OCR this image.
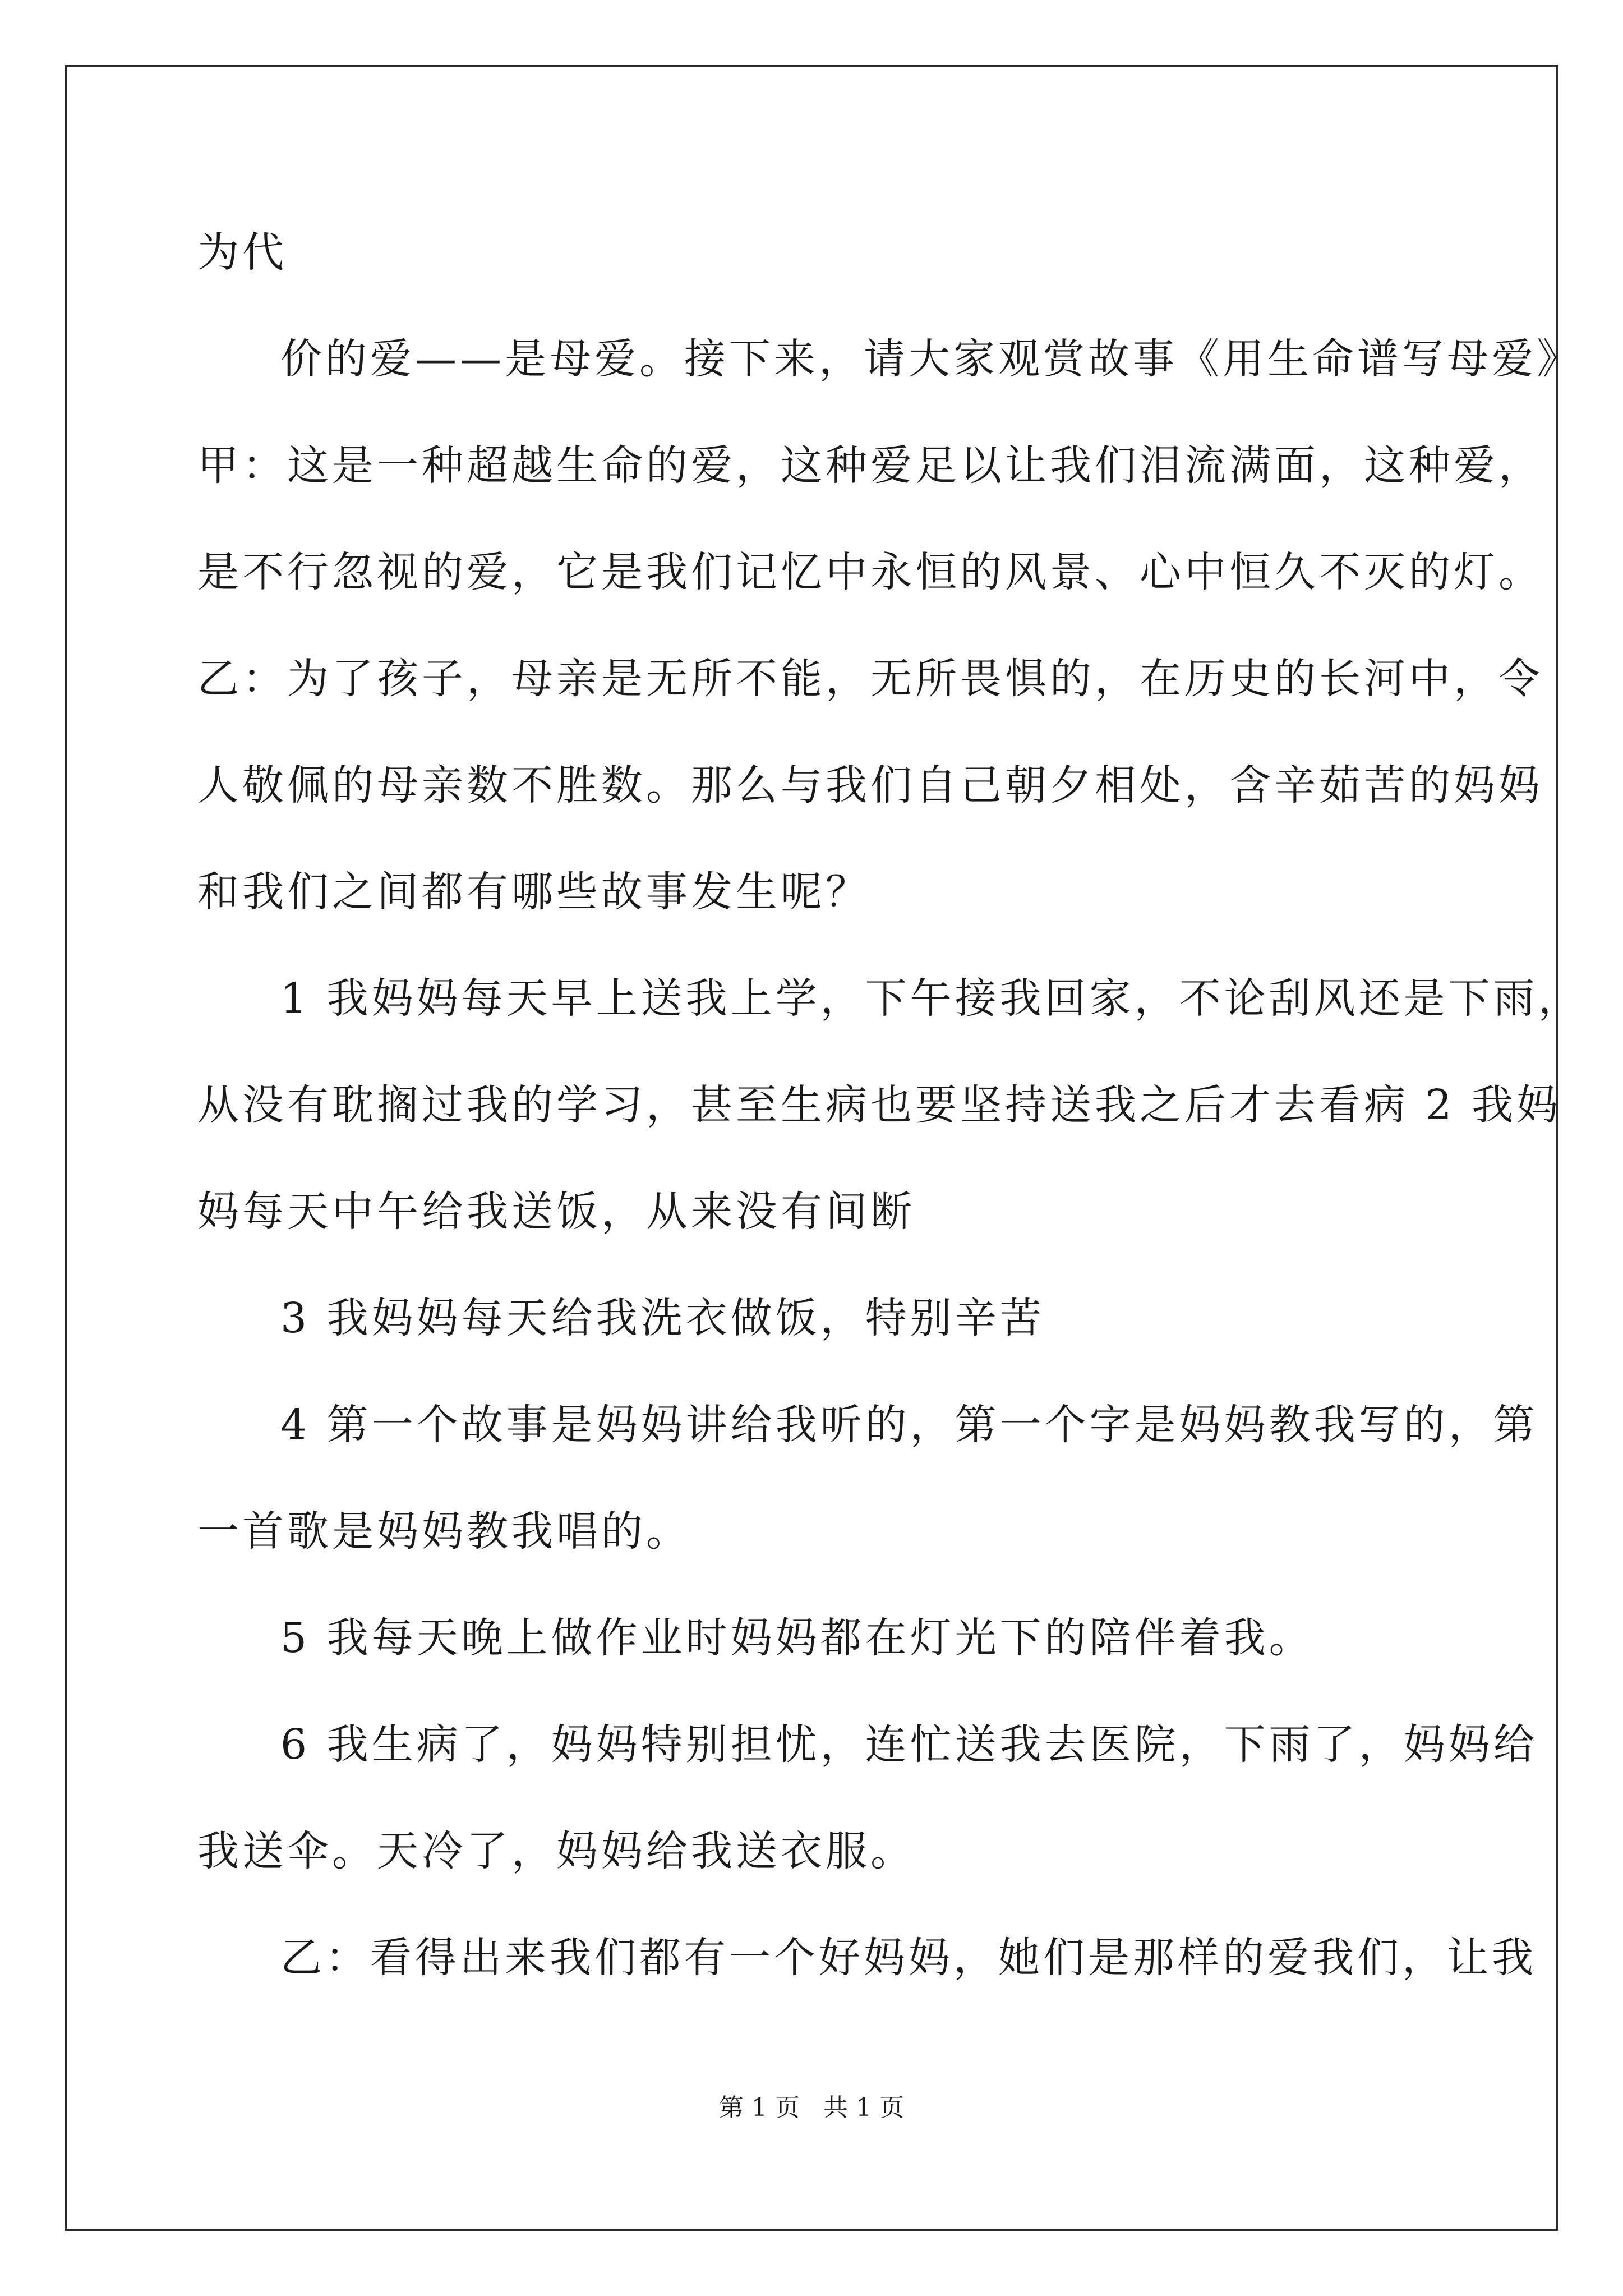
为代
价的爱——是母爱。接下来，请大家观赏故事《用生命谱写母爱》
甲：这是一种超越生命的爱，这种爱足以让我们泪流满面，这种爱，
是不行忽视的爱，它是我们记忆中永恒的风景、心中恒久不灭的灯。
乙：为了孩子，母亲是无所不能，无所畏惧的，在历史的长河中，令
人敬佩的母亲数不胜数。那么与我们自己朝夕相处，含辛茹苦的妈妈
和我们之间都有哪些故事发生呢？
1 我妈妈每天早上送我上学，下午接我回家，不论刮风还是下雨，
从没有耽搁过我的学习，甚至生病也要坚持送我之后才去看病 2 我妈
妈每天中午给我送饭，从来没有间断
3 我妈妈每天给我洗衣做饭，特别辛苦
4 第一个故事是妈妈讲给我听的，第一个字是妈妈教我写的，第
一首歌是妈妈教我唱的。
5 我每天晚上做作业时妈妈都在灯光下的陪伴着我。
6 我生病了，妈妈特别担忧，连忙送我去医院，下雨了，妈妈给
我送伞。天冷了，妈妈给我送衣服。
乙：看得出来我们都有一个好妈妈，她们是那样的爱我们，让我
第 1 页   共 1 页
